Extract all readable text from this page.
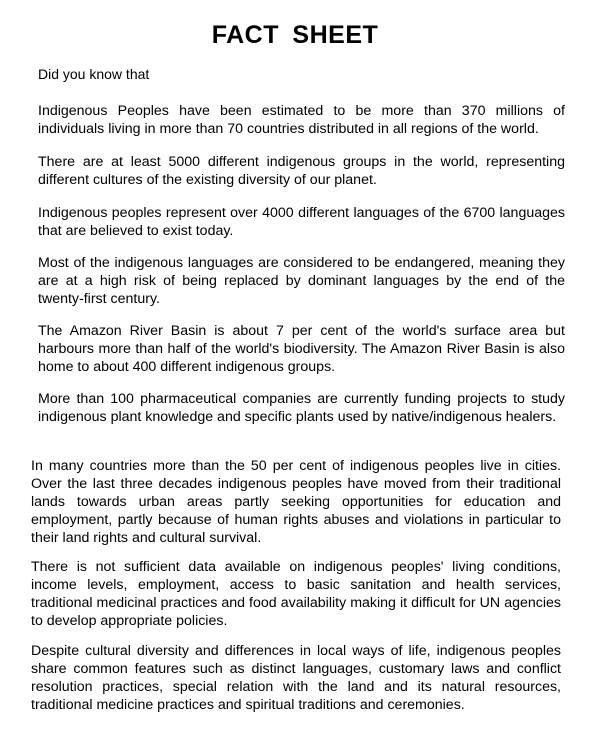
FACT SHEET
Did you know that

Indigenous Peoples have been estimated to be more than 370 millions of individuals living in more than 70 countries distributed in all regions of the world.

There are at least 5000 different indigenous groups in the world, representing different cultures of the existing diversity of our planet.

Indigenous peoples represent over 4000 different languages of the 6700 languages that are believed to exist today.

Most of the indigenous languages are considered to be endangered, meaning they are at a high risk of being replaced by dominant languages by the end of the twenty-first century.

The Amazon River Basin is about 7 per cent of the world's surface area but harbours more than half of the world's biodiversity. The Amazon River Basin is also home to about 400 different indigenous groups.

More than 100 pharmaceutical companies are currently funding projects to study indigenous plant knowledge and specific plants used by native/indigenous healers.

In many countries more than the 50 per cent of indigenous peoples live in cities. Over the last three decades indigenous peoples have moved from their traditional lands towards urban areas partly seeking opportunities for education and employment, partly because of human rights abuses and violations in particular to their land rights and cultural survival.

There is not sufficient data available on indigenous peoples' living conditions, income levels, employment, access to basic sanitation and health services, traditional medicinal practices and food availability making it difficult for UN agencies to develop appropriate policies.

Despite cultural diversity and differences in local ways of life, indigenous peoples share common features such as distinct languages, customary laws and conflict resolution practices, special relation with the land and its natural resources, traditional medicine practices and spiritual traditions and ceremonies.
